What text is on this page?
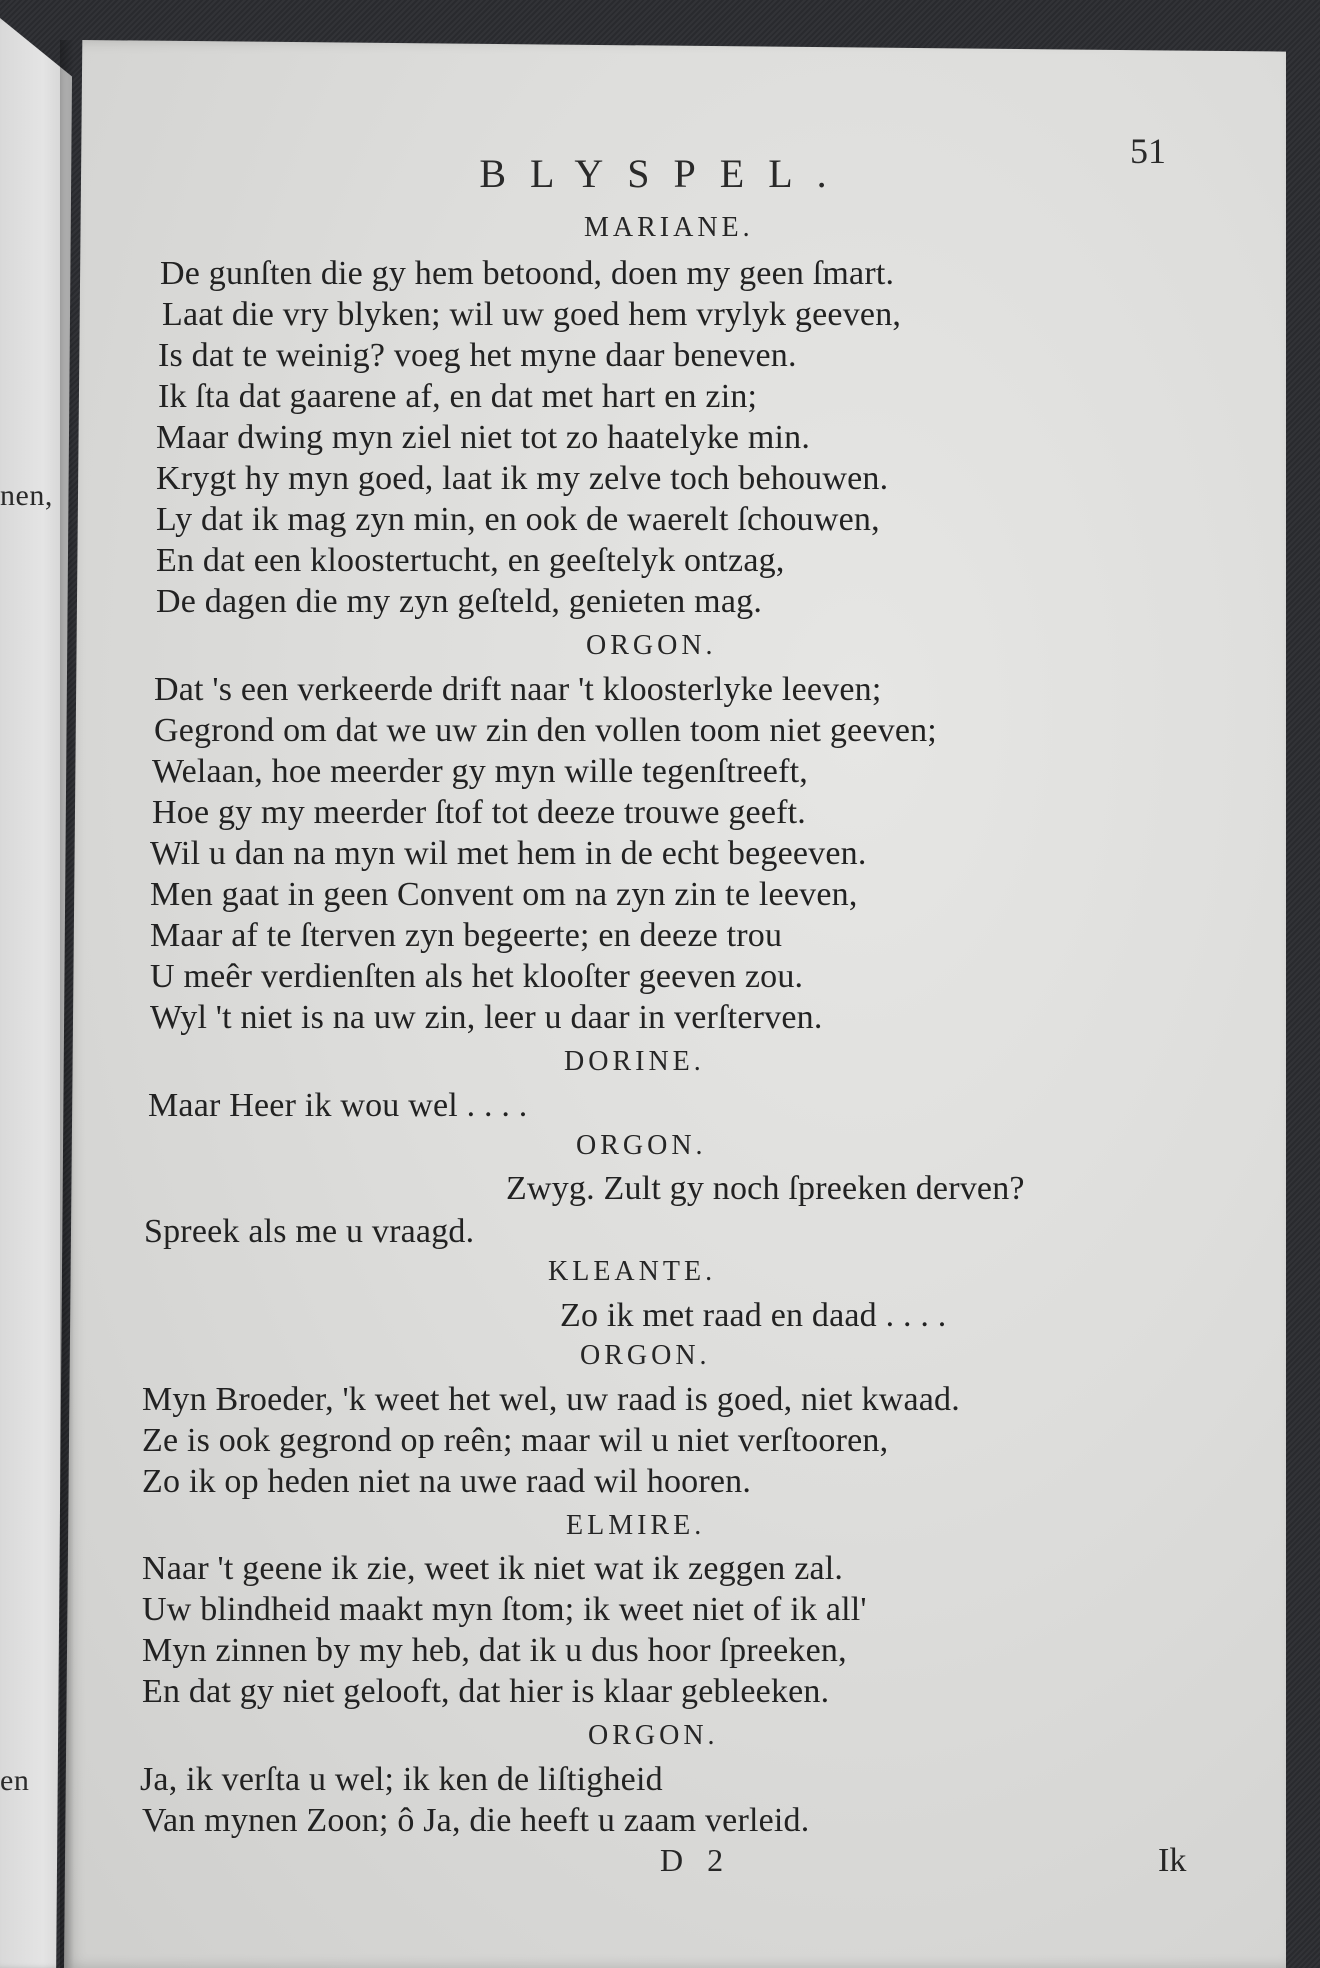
nen,
en
BLYSPEL.	51
MARIANE.
De gunſten die gy hem betoond, doen my geen ſmart.
Laat die vry blyken; wil uw goed hem vrylyk geeven,
Is dat te weinig? voeg het myne daar beneven.
Ik ſta dat gaarene af, en dat met hart en zin;
Maar dwing myn ziel niet tot zo haatelyke min.
Krygt hy myn goed, laat ik my zelve toch behouwen.
Ly dat ik mag zyn min, en ook de waerelt ſchouwen,
En dat een kloostertucht, en geeſtelyk ontzag,
De dagen die my zyn geſteld, genieten mag.
ORGON.
Dat 's een verkeerde drift naar 't kloosterlyke leeven;
Gegrond om dat we uw zin den vollen toom niet geeven;
Welaan, hoe meerder gy myn wille tegenſtreeft,
Hoe gy my meerder ſtof tot deeze trouwe geeft.
Wil u dan na myn wil met hem in de echt begeeven.
Men gaat in geen Convent om na zyn zin te leeven,
Maar af te ſterven zyn begeerte; en deeze trou
U meêr verdienſten als het klooſter geeven zou.
Wyl 't niet is na uw zin, leer u daar in verſterven.
DORINE.
Maar Heer ik wou wel . . . .
ORGON.
Zwyg. Zult gy noch ſpreeken derven?
Spreek als me u vraagd.
KLEANTE.
Zo ik met raad en daad . . . .
ORGON.
Myn Broeder, 'k weet het wel, uw raad is goed, niet kwaad.
Ze is ook gegrond op reên; maar wil u niet verſtooren,
Zo ik op heden niet na uwe raad wil hooren.
ELMIRE.
Naar 't geene ik zie, weet ik niet wat ik zeggen zal.
Uw blindheid maakt myn ſtom; ik weet niet of ik all'
Myn zinnen by my heb, dat ik u dus hoor ſpreeken,
En dat gy niet gelooft, dat hier is klaar gebleeken.
ORGON.
Ja, ik verſta u wel; ik ken de liſtigheid
Van mynen Zoon; ô Ja, die heeft u zaam verleid.
D 2	Ik
